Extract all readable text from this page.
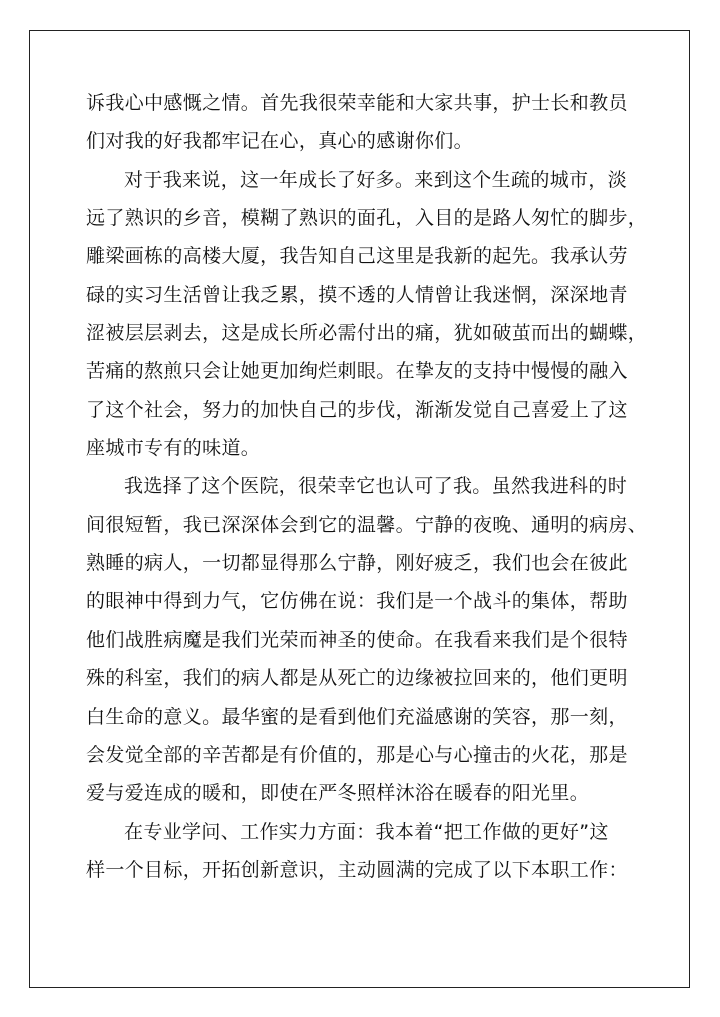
诉我心中感慨之情。首先我很荣幸能和大家共事，护士长和教员
们对我的好我都牢记在心，真心的感谢你们。
对于我来说，这一年成长了好多。来到这个生疏的城市，淡
远了熟识的乡音，模糊了熟识的面孔，入目的是路人匆忙的脚步，
雕梁画栋的高楼大厦，我告知自己这里是我新的起先。我承认劳
碌的实习生活曾让我乏累，摸不透的人情曾让我迷惘，深深地青
涩被层层剥去，这是成长所必需付出的痛，犹如破茧而出的蝴蝶，
苦痛的熬煎只会让她更加绚烂刺眼。在挚友的支持中慢慢的融入
了这个社会，努力的加快自己的步伐，渐渐发觉自己喜爱上了这
座城市专有的味道。
我选择了这个医院，很荣幸它也认可了我。虽然我进科的时
间很短暂，我已深深体会到它的温馨。宁静的夜晚、通明的病房、
熟睡的病人，一切都显得那么宁静，刚好疲乏，我们也会在彼此
的眼神中得到力气，它仿佛在说：我们是一个战斗的集体，帮助
他们战胜病魔是我们光荣而神圣的使命。在我看来我们是个很特
殊的科室，我们的病人都是从死亡的边缘被拉回来的，他们更明
白生命的意义。最华蜜的是看到他们充溢感谢的笑容，那一刻，
会发觉全部的辛苦都是有价值的，那是心与心撞击的火花，那是
爱与爱连成的暖和，即使在严冬照样沐浴在暖春的阳光里。
在专业学问、工作实力方面：我本着“把工作做的更好”这
样一个目标，开拓创新意识，主动圆满的完成了以下本职工作：
